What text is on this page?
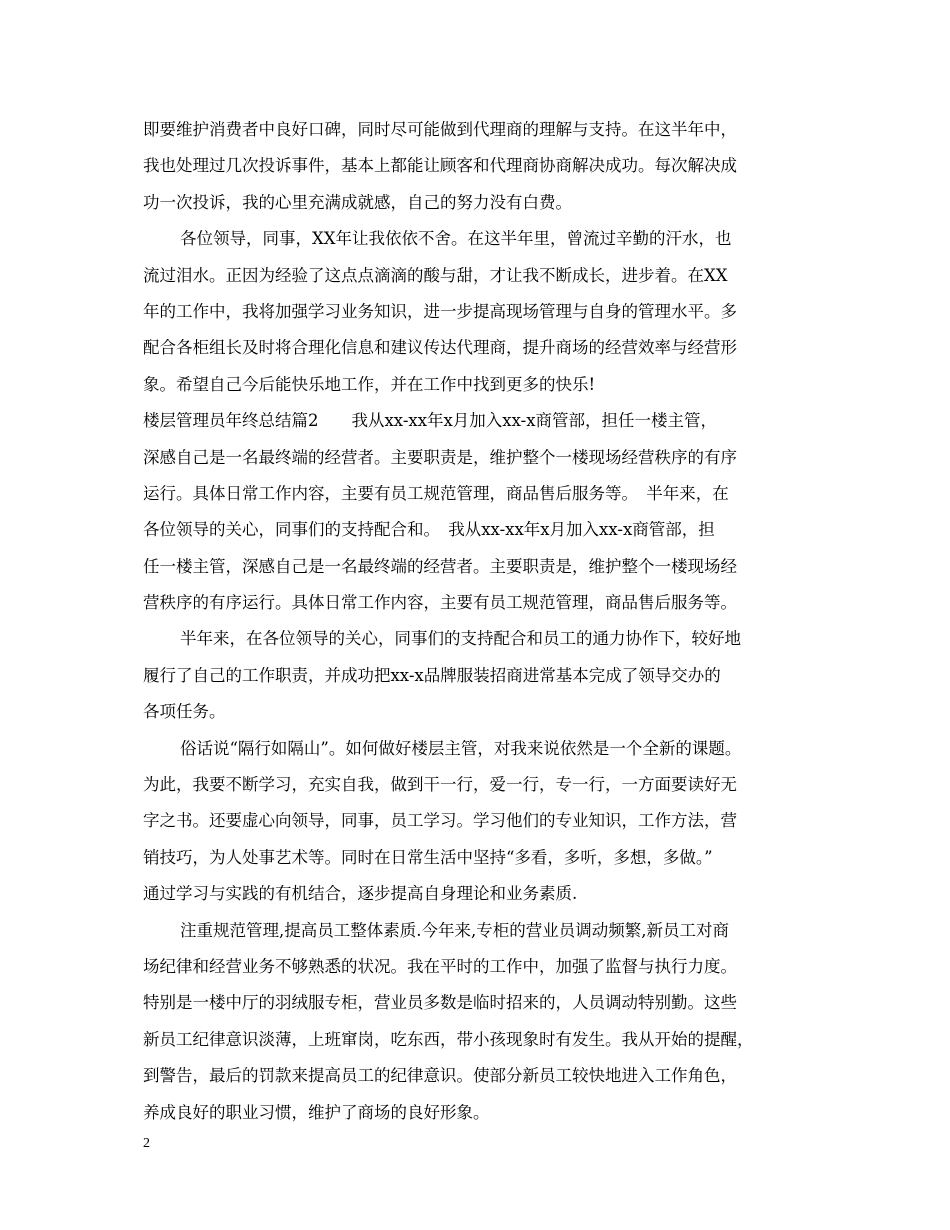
即要维护消费者中良好口碑，同时尽可能做到代理商的理解与支持。在这半年中，
我也处理过几次投诉事件，基本上都能让顾客和代理商协商解决成功。每次解决成
功一次投诉，我的心里充满成就感，自己的努力没有白费。
各位领导，同事，XX年让我依依不舍。在这半年里，曾流过辛勤的汗水，也
流过泪水。正因为经验了这点点滴滴的酸与甜，才让我不断成长，进步着。在XX
年的工作中，我将加强学习业务知识，进一步提高现场管理与自身的管理水平。多
配合各柜组长及时将合理化信息和建议传达代理商，提升商场的经营效率与经营形
象。希望自己今后能快乐地工作，并在工作中找到更多的快乐!
楼层管理员年终总结篇2　　我从xx-xx年x月加入xx-x商管部，担任一楼主管，
深感自己是一名最终端的经营者。主要职责是，维护整个一楼现场经营秩序的有序
运行。具体日常工作内容，主要有员工规范管理，商品售后服务等。　半年来，在
各位领导的关心，同事们的支持配合和。　我从xx-xx年x月加入xx-x商管部，担
任一楼主管，深感自己是一名最终端的经营者。主要职责是，维护整个一楼现场经
营秩序的有序运行。具体日常工作内容，主要有员工规范管理，商品售后服务等。
半年来，在各位领导的关心，同事们的支持配合和员工的通力协作下，较好地
履行了自己的工作职责，并成功把xx-x品牌服装招商进常基本完成了领导交办的
各项任务。
俗话说“隔行如隔山”。如何做好楼层主管，对我来说依然是一个全新的课题。
为此，我要不断学习，充实自我，做到干一行，爱一行，专一行，一方面要读好无
字之书。还要虚心向领导，同事，员工学习。学习他们的专业知识，工作方法，营
销技巧，为人处事艺术等。同时在日常生活中坚持“多看，多听，多想，多做。”
通过学习与实践的有机结合，逐步提高自身理论和业务素质.
注重规范管理,提高员工整体素质.今年来,专柜的营业员调动频繁,新员工对商
场纪律和经营业务不够熟悉的状况。我在平时的工作中，加强了监督与执行力度。
特别是一楼中厅的羽绒服专柜，营业员多数是临时招来的，人员调动特别勤。这些
新员工纪律意识淡薄，上班窜岗，吃东西，带小孩现象时有发生。我从开始的提醒，
到警告，最后的罚款来提高员工的纪律意识。使部分新员工较快地进入工作角色，
养成良好的职业习惯，维护了商场的良好形象。
2
